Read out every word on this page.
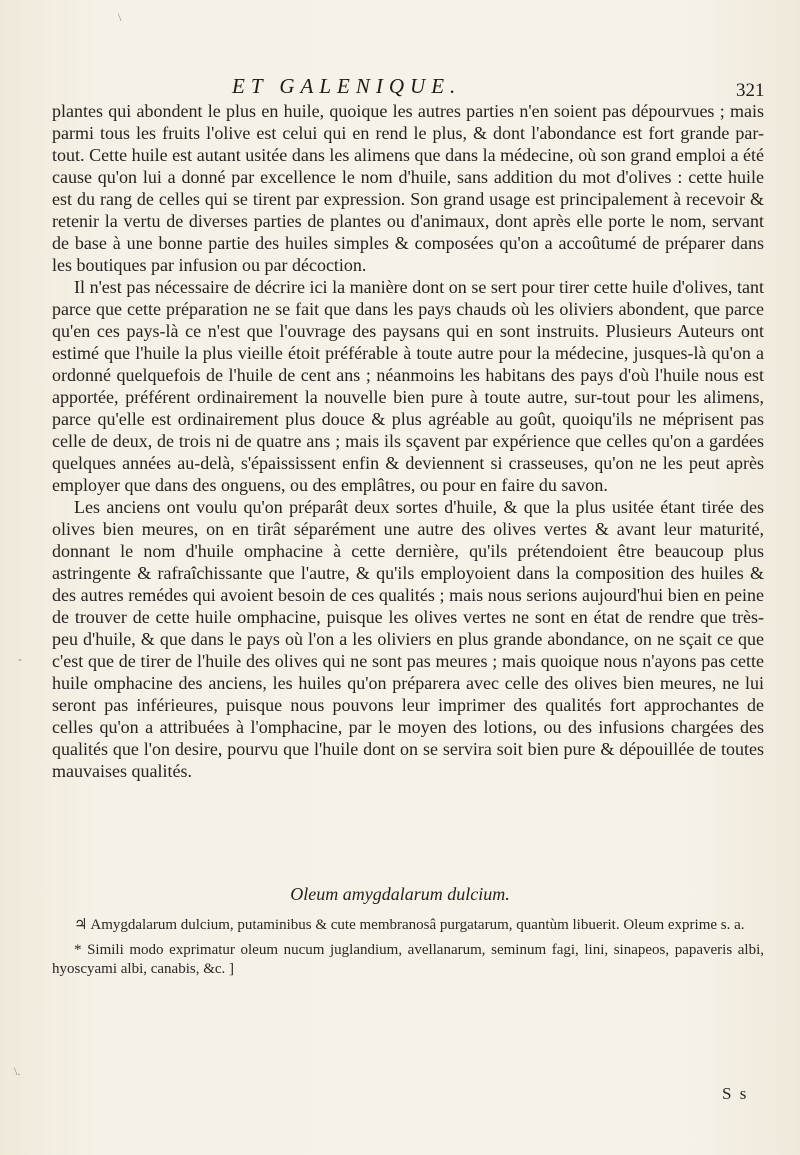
\
-
\.
ET GALENIQUE.	321

plantes qui abondent le plus en huile, quoique les autres parties n'en soient pas dépourvues ; mais parmi tous les fruits l'olive est celui qui en rend le plus, & dont l'abondance est fort grande par-tout. Cette huile est autant usitée dans les alimens que dans la médecine, où son grand emploi a été cause qu'on lui a donné par excellence le nom d'huile, sans addition du mot d'olives : cette huile est du rang de celles qui se tirent par expression. Son grand usage est principalement à recevoir & retenir la vertu de diverses parties de plantes ou d'animaux, dont après elle porte le nom, servant de base à une bonne partie des huiles simples & composées qu'on a accoûtumé de préparer dans les boutiques par infusion ou par décoction.

Il n'est pas nécessaire de décrire ici la manière dont on se sert pour tirer cette huile d'olives, tant parce que cette préparation ne se fait que dans les pays chauds où les oliviers abondent, que parce qu'en ces pays-là ce n'est que l'ouvrage des paysans qui en sont instruits. Plusieurs Auteurs ont estimé que l'huile la plus vieille étoit préférable à toute autre pour la médecine, jusques-là qu'on a ordonné quelquefois de l'huile de cent ans ; néanmoins les habitans des pays d'où l'huile nous est apportée, préférent ordinairement la nouvelle bien pure à toute autre, sur-tout pour les alimens, parce qu'elle est ordinairement plus douce & plus agréable au goût, quoiqu'ils ne méprisent pas celle de deux, de trois ni de quatre ans ; mais ils sçavent par expérience que celles qu'on a gardées quelques années au-delà, s'épaississent enfin & deviennent si crasseuses, qu'on ne les peut après employer que dans des onguens, ou des emplâtres, ou pour en faire du savon.

Les anciens ont voulu qu'on préparât deux sortes d'huile, & que la plus usitée étant tirée des olives bien meures, on en tirât séparément une autre des olives vertes & avant leur maturité, donnant le nom d'huile omphacine à cette dernière, qu'ils prétendoient être beaucoup plus astringente & rafraîchissante que l'autre, & qu'ils employoient dans la composition des huiles & des autres remédes qui avoient besoin de ces qualités ; mais nous serions aujourd'hui bien en peine de trouver de cette huile omphacine, puisque les olives vertes ne sont en état de rendre que très-peu d'huile, & que dans le pays où l'on a les oliviers en plus grande abondance, on ne sçait ce que c'est que de tirer de l'huile des olives qui ne sont pas meures ; mais quoique nous n'ayons pas cette huile omphacine des anciens, les huiles qu'on préparera avec celle des olives bien meures, ne lui seront pas inférieures, puisque nous pouvons leur imprimer des qualités fort approchantes de celles qu'on a attribuées à l'omphacine, par le moyen des lotions, ou des infusions chargées des qualités que l'on desire, pourvu que l'huile dont on se servira soit bien pure & dépouillée de toutes mauvaises qualités.

Oleum amygdalarum dulcium.

♃ Amygdalarum dulcium, putaminibus & cute membranosâ purgatarum, quantùm libuerit. Oleum exprime s. a.

* Simili modo exprimatur oleum nucum juglandium, avellanarum, seminum fagi, lini, sinapeos, papaveris albi, hyoscyami albi, canabis, &c. ]

S s
